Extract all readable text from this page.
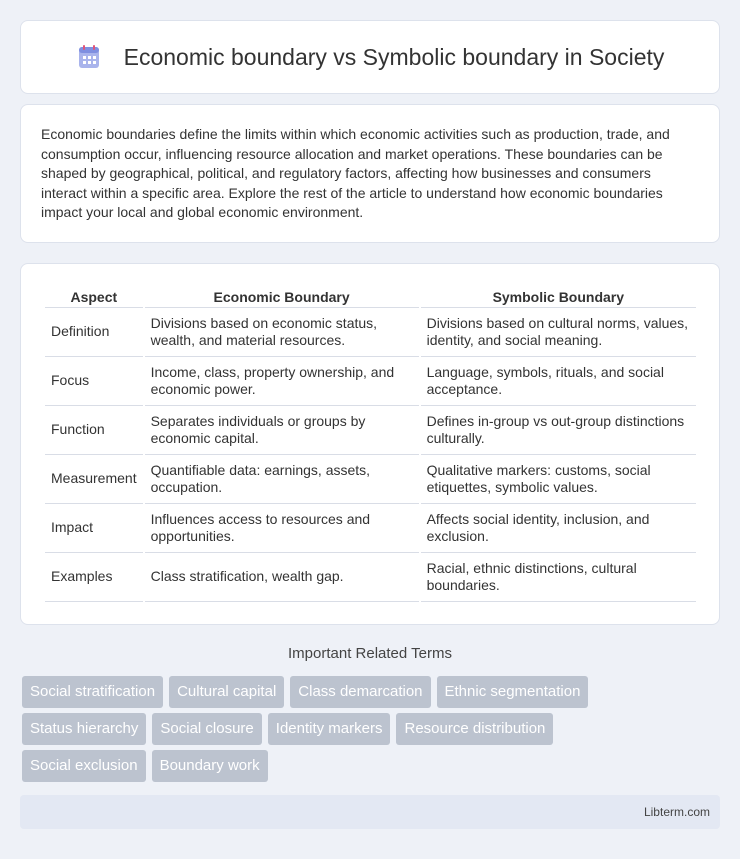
Economic boundary vs Symbolic boundary in Society

Economic boundaries define the limits within which economic activities such as production, trade, and consumption occur, influencing resource allocation and market operations. These boundaries can be shaped by geographical, political, and regulatory factors, affecting how businesses and consumers interact within a specific area. Explore the rest of the article to understand how economic boundaries impact your local and global economic environment.

Aspect	Economic Boundary	Symbolic Boundary
Definition	Divisions based on economic status, wealth, and material resources.	Divisions based on cultural norms, values, identity, and social meaning.
Focus	Income, class, property ownership, and economic power.	Language, symbols, rituals, and social acceptance.
Function	Separates individuals or groups by economic capital.	Defines in-group vs out-group distinctions culturally.
Measurement	Quantifiable data: earnings, assets, occupation.	Qualitative markers: customs, social etiquettes, symbolic values.
Impact	Influences access to resources and opportunities.	Affects social identity, inclusion, and exclusion.
Examples	Class stratification, wealth gap.	Racial, ethnic distinctions, cultural boundaries.
Important Related Terms
Social stratification	Cultural capital	Class demarcation	Ethnic segmentation
Status hierarchy	Social closure	Identity markers	Resource distribution
Social exclusion	Boundary work
Libterm.com
